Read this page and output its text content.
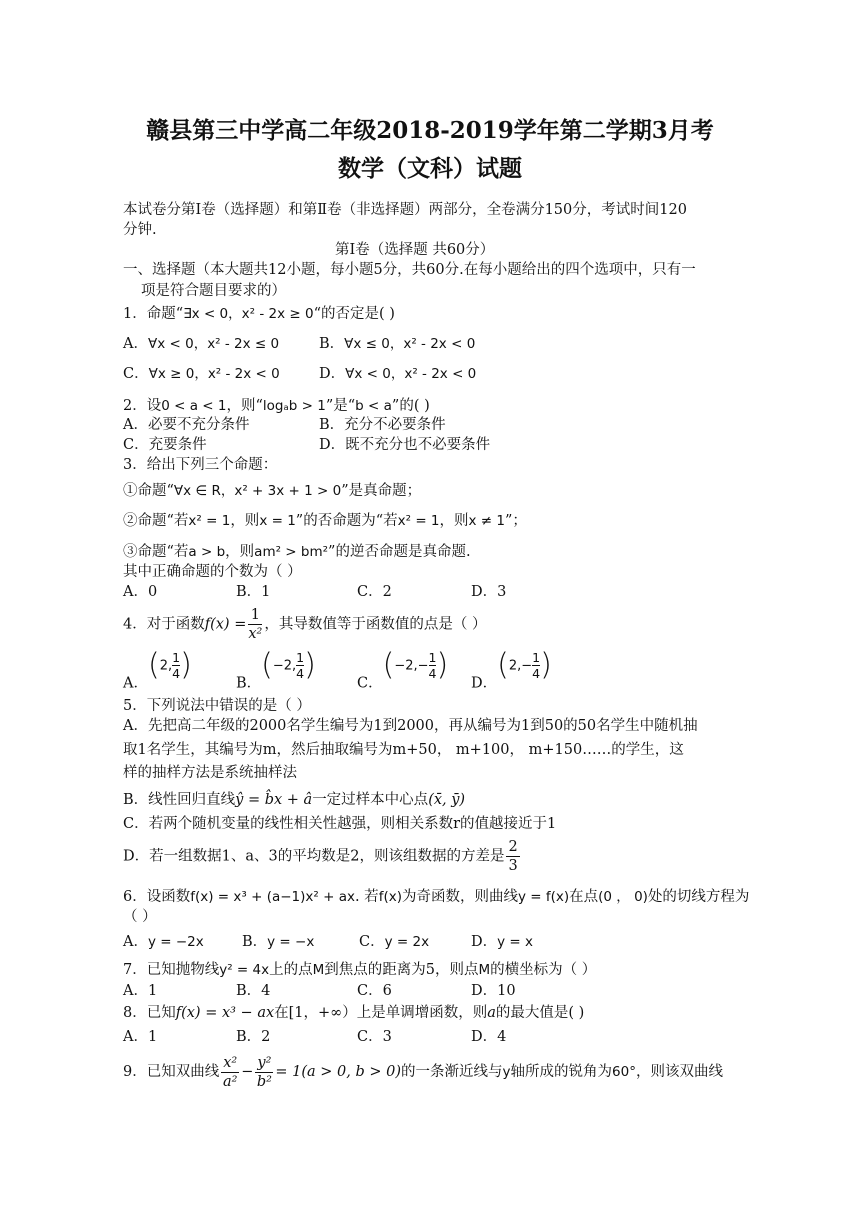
赣县第三中学高二年级2018-2019学年第二学期3月考
数学（文科）试题
本试卷分第Ⅰ卷（选择题）和第Ⅱ卷（非选择题）两部分，全卷满分150分，考试时间120
分钟.
第Ⅰ卷（选择题 共60分）
一、选择题（本大题共12小题，每小题5分，共60分.在每小题给出的四个选项中，只有一
项是符合题目要求的）
1．命题“∃x < 0，x² - 2x ≥ 0“的否定是( )
A．∀x < 0，x² - 2x ≤ 0	B．∀x ≤ 0，x² - 2x < 0
C．∀x ≥ 0，x² - 2x < 0	D．∀x < 0，x² - 2x < 0
2．设0 < a < 1，则“logₐb > 1”是“b < a”的( )
A．必要不充分条件	B．充分不必要条件
C．充要条件	D．既不充分也不必要条件
3．给出下列三个命题：
①命题“∀x ∈ R，x² + 3x + 1 > 0”是真命题；
②命题“若x² = 1，则x = 1”的否命题为“若x² = 1，则x ≠ 1”；
③命题“若a > b，则am² > bm²”的逆否命题是真命题.
其中正确命题的个数为（ ）
A．0	B．1	C．2	D．3
4．对于函数$f(x) = \frac{1}{\text{x²}}$ ，其导数值等于函数值的点是（ ）
A．(2, $\frac{1}{4}$ )
B．(−2, $\frac{1}{4}$ )
C．($-2,- \frac{1}{4}$ )
D．($2,- \frac{1}{4}$ )
5．下列说法中错误的是（ ）
A．先把高二年级的2000名学生编号为1到2000，再从编号为1到50的50名学生中随机抽
取1名学生，其编号为m，然后抽取编号为m+50， m+100， m+150……的学生，这
样的抽样方法是系统抽样法
B．线性回归直线ŷ = b̂x + â一定过样本中心点(x̄, ȳ)
C．若两个随机变量的线性相关性越强，则相关系数r的值越接近于1
D．若一组数据1、a、3的平均数是2，则该组数据的方差是 $\frac{2}{3}$
6．设函数f(x) = x³ + (a−1)x² + ax. 若f(x)为奇函数，则曲线y = f(x)在点(0 ， 0)处的切线方程为
（ ）
A．y = −2x	B．y = −x	C．y = 2x	D．y = x
7．已知抛物线y² = 4x上的点M到焦点的距离为5，则点M的横坐标为（ ）
A．1	B．4	C．6	D．10
8．已知f(x) = x³ − ax在[1，+∞）上是单调增函数，则a的最大值是( )
A．1	B．2	C．3	D．4
9．已知双曲线 $\frac{\text{x²}}{\text{a²}} - \frac{\text{y²}}{\text{b²}} = 1(a > 0$, b > 0)的一条渐近线与y轴所成的锐角为60°，则该双曲线
